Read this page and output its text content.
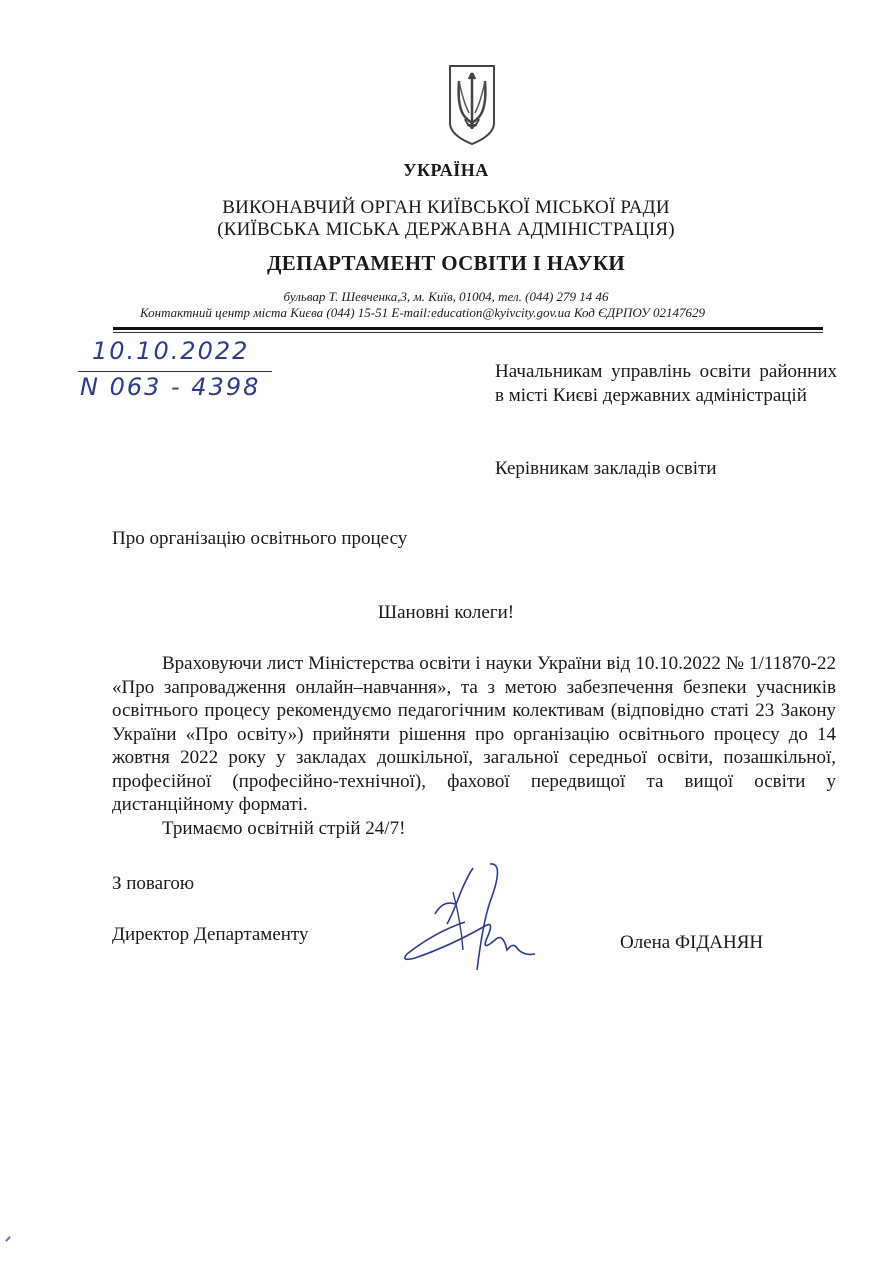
УКРАЇНА
ВИКОНАВЧИЙ ОРГАН КИЇВСЬКОЇ МІСЬКОЇ РАДИ
(КИЇВСЬКА МІСЬКА ДЕРЖАВНА АДМІНІСТРАЦІЯ)
ДЕПАРТАМЕНТ ОСВІТИ І НАУКИ
бульвар Т. Шевченка,3, м. Київ, 01004, тел. (044) 279 14 46
Контактний центр міста Києва (044) 15-51 E-mail:education@kyivcity.gov.ua Код ЄДРПОУ 02147629
10.10.2022
N 063 - 4398
Начальникам управлінь освіти районних в місті Києві державних адміністрацій
Керівникам закладів освіти
Про організацію освітнього процесу
Шановні колеги!

Враховуючи лист Міністерства освіти і науки України від 10.10.2022 № 1/11870-22 «Про запровадження онлайн–навчання», та з метою забезпечення безпеки учасників освітнього процесу рекомендуємо педагогічним колективам (відповідно статі 23 Закону України «Про освіту») прийняти рішення про організацію освітнього процесу до 14 жовтня 2022 року у закладах дошкільної, загальної середньої освіти, позашкільної, професійної (професійно-технічної), фахової передвищої та вищої освіти у дистанційному форматі.

Тримаємо освітній стрій 24/7!

З повагою
Директор Департаменту	Олена ФІДАНЯН
